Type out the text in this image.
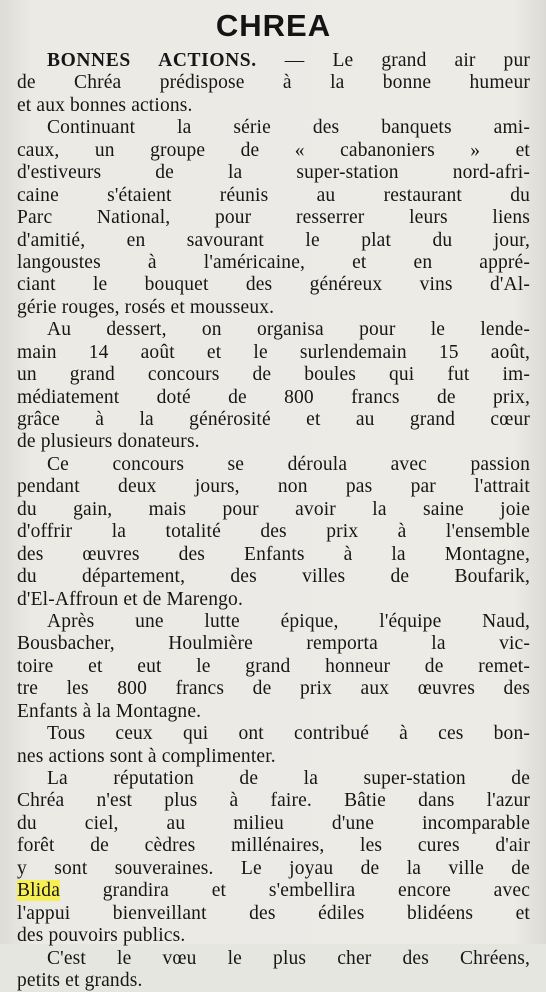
CHREA
BONNES ACTIONS. — Le grand air pur
de Chréa prédispose à la bonne humeur
et aux bonnes actions.
Continuant la série des banquets ami-
caux, un groupe de « cabanoniers » et
d'estiveurs de la super-station nord-afri-
caine s'étaient réunis au restaurant du
Parc National, pour resserrer leurs liens
d'amitié, en savourant le plat du jour,
langoustes à l'américaine, et en appré-
ciant le bouquet des généreux vins d'Al-
gérie rouges, rosés et mousseux.
Au dessert, on organisa pour le lende-
main 14 août et le surlendemain 15 août,
un grand concours de boules qui fut im-
médiatement doté de 800 francs de prix,
grâce à la générosité et au grand cœur
de plusieurs donateurs.
Ce concours se déroula avec passion
pendant deux jours, non pas par l'attrait
du gain, mais pour avoir la saine joie
d'offrir la totalité des prix à l'ensemble
des œuvres des Enfants à la Montagne,
du département, des villes de Boufarik,
d'El-Affroun et de Marengo.
Après une lutte épique, l'équipe Naud,
Bousbacher, Houlmière remporta la vic-
toire et eut le grand honneur de remet-
tre les 800 francs de prix aux œuvres des
Enfants à la Montagne.
Tous ceux qui ont contribué à ces bon-
nes actions sont à complimenter.
La réputation de la super-station de
Chréa n'est plus à faire. Bâtie dans l'azur
du ciel, au milieu d'une incomparable
forêt de cèdres millénaires, les cures d'air
y sont souveraines. Le joyau de la ville de
Blida grandira et s'embellira encore avec
l'appui bienveillant des édiles blidéens et
des pouvoirs publics.
C'est le vœu le plus cher des Chréens,
petits et grands.
